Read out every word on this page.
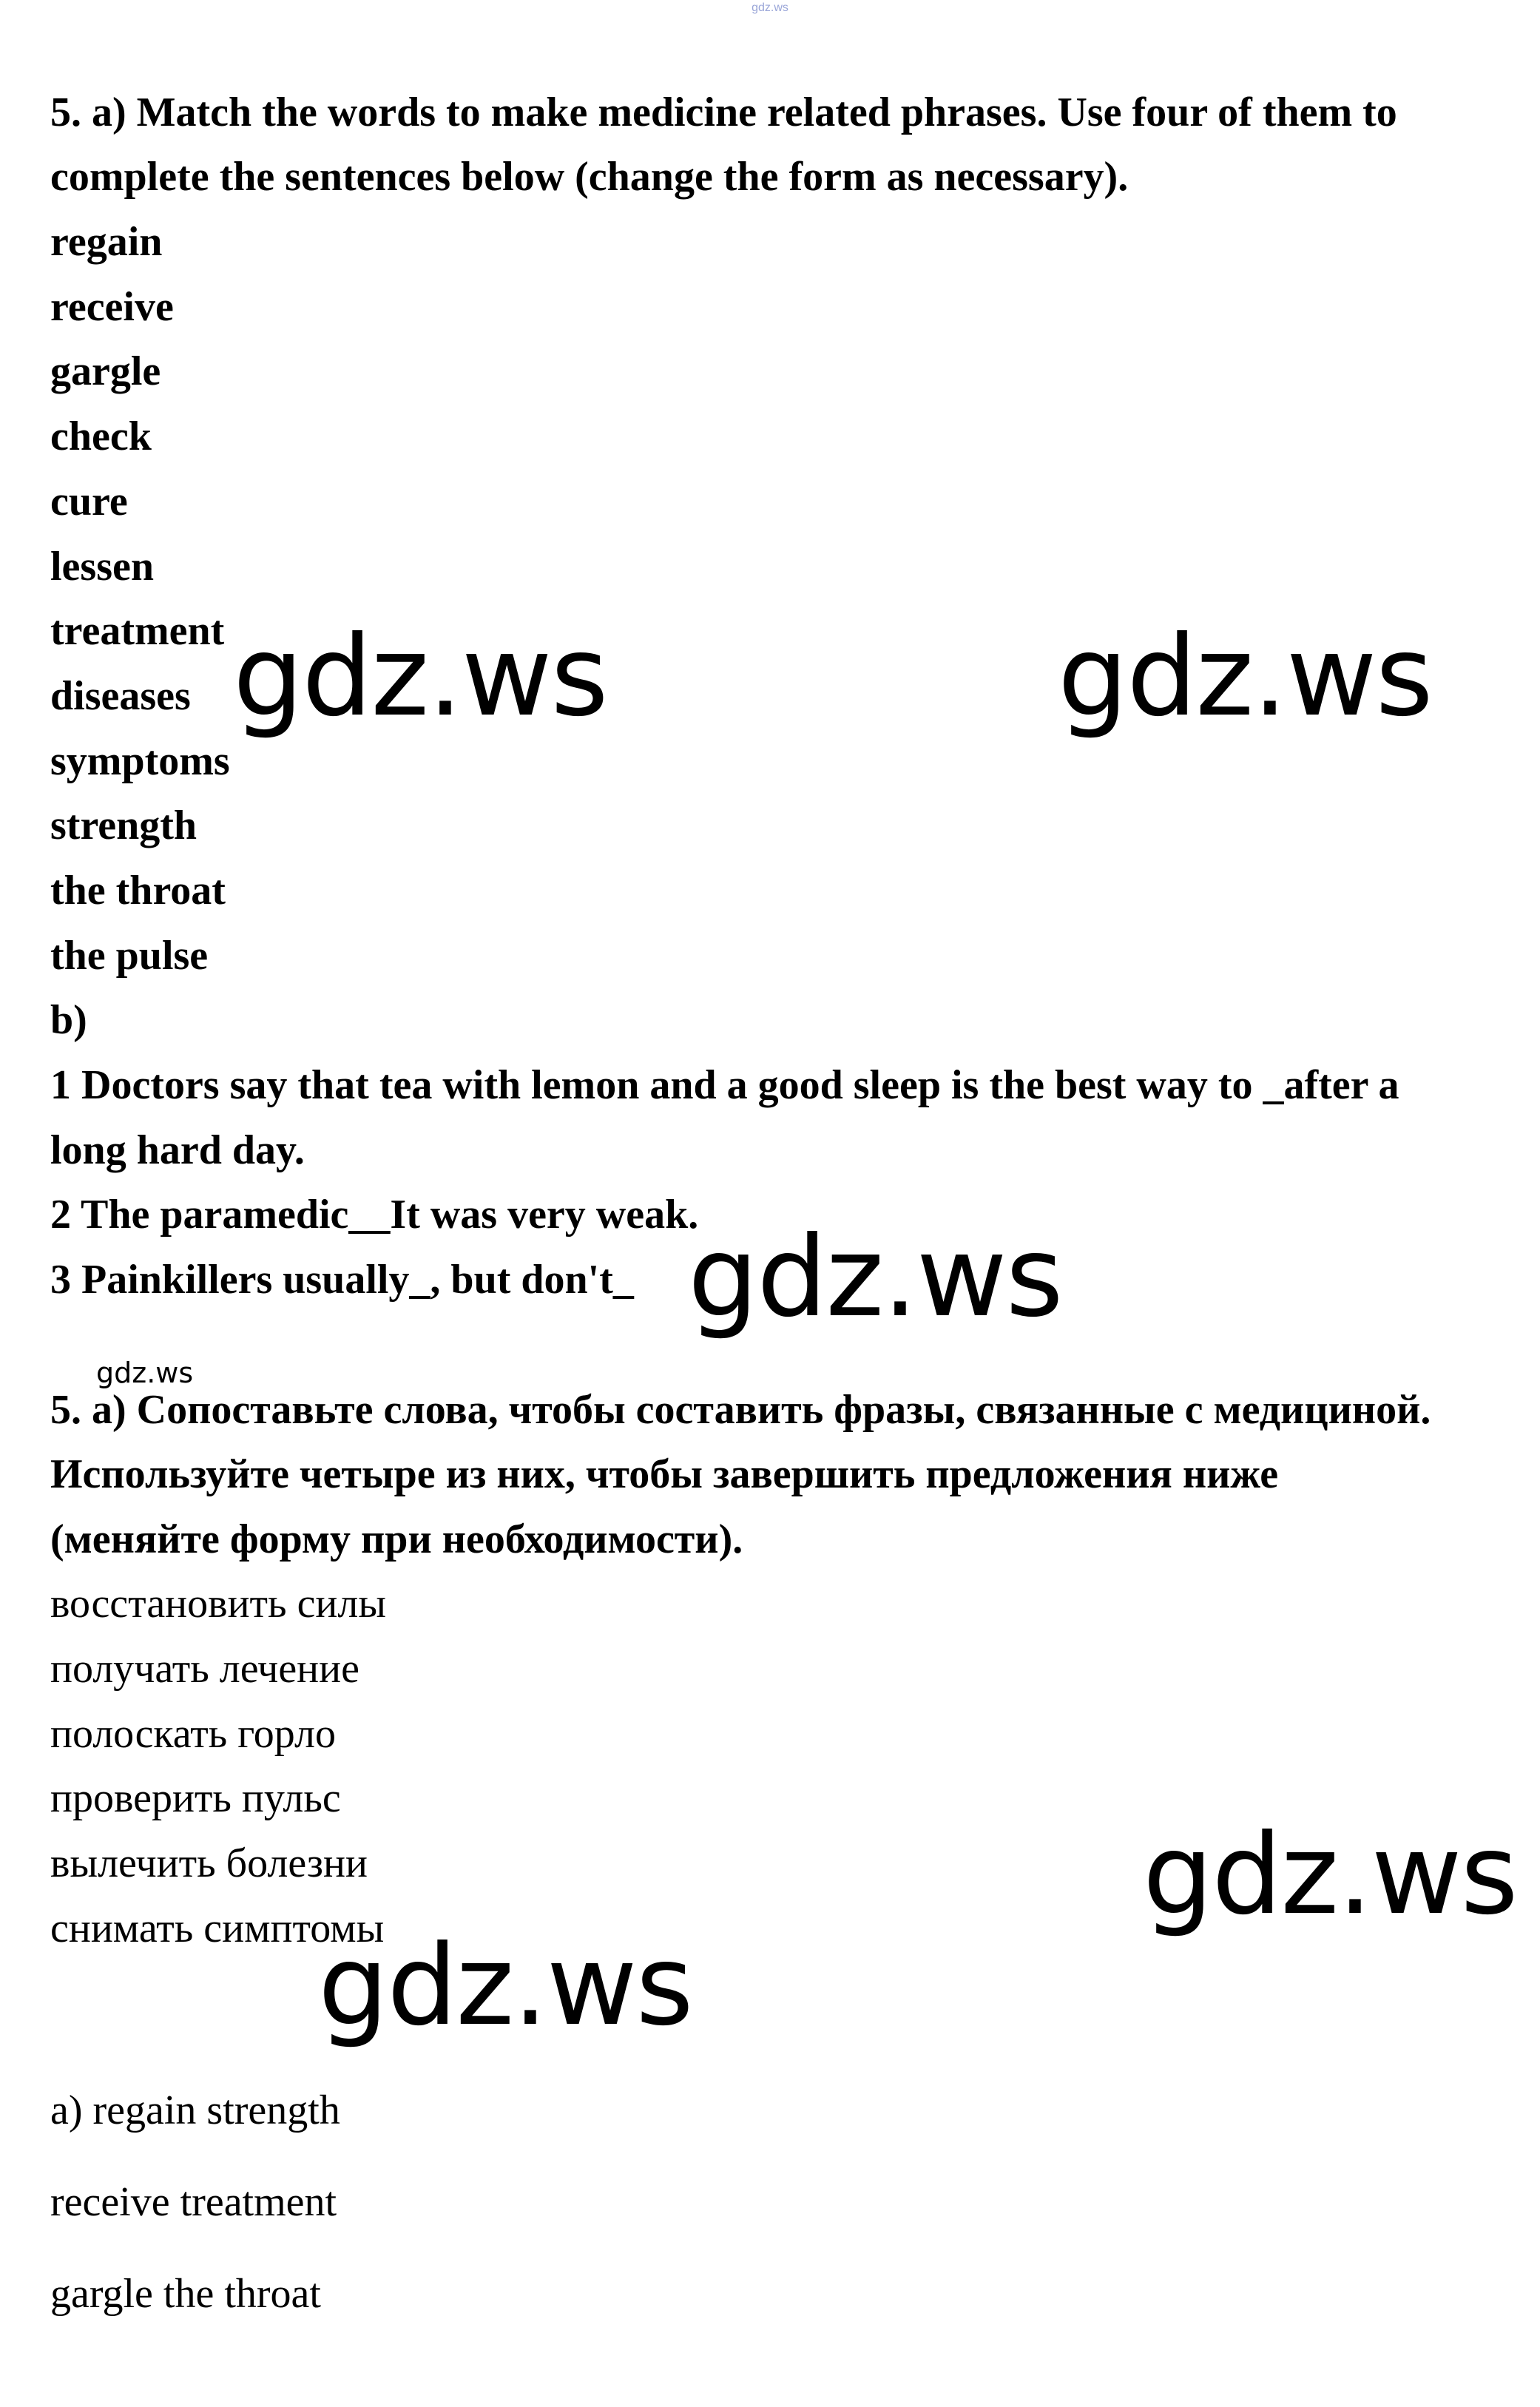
gdz.ws
5. a) Match the words to make medicine related phrases. Use four of them to
complete the sentences below (change the form as necessary).
regain
receive
gargle
check
cure
lessen
treatment
diseases
symptoms
strength
the throat
the pulse
b)
1 Doctors say that tea with lemon and a good sleep is the best way to _after a
long hard day.
2 The paramedic__It was very weak.
3 Painkillers usually_, but don't_
gdz.ws	gdz.ws
gdz.ws
gdz.ws
gdz.ws
gdz.ws
5. а) Сопоставьте слова, чтобы составить фразы, связанные с медициной.
Используйте четыре из них, чтобы завершить предложения ниже
(меняйте форму при необходимости).
восстановить силы
получать лечение
полоскать горло
проверить пульс
вылечить болезни
снимать симптомы
a) regain strength
receive treatment
gargle the throat
